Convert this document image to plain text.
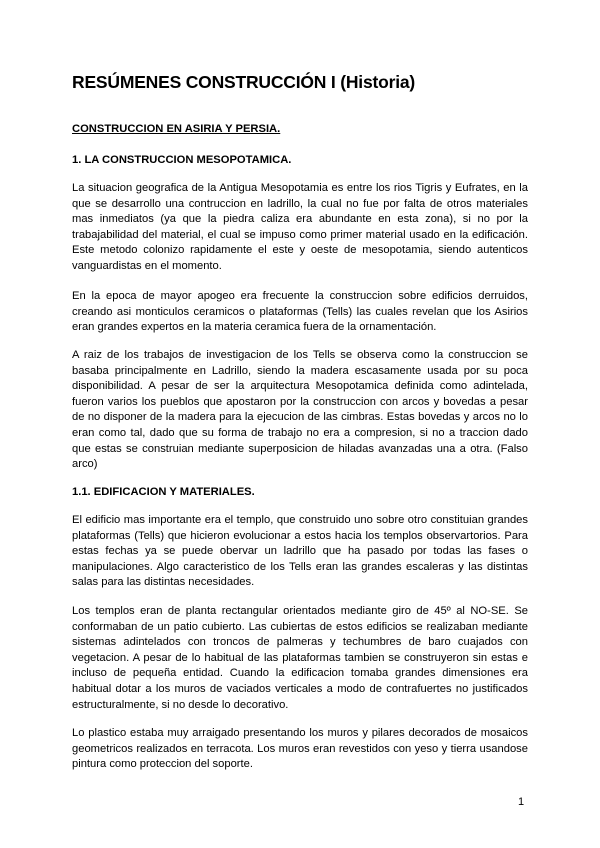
RESÚMENES CONSTRUCCIÓN I (Historia)

CONSTRUCCION EN ASIRIA Y PERSIA.

1. LA CONSTRUCCION MESOPOTAMICA.

La situacion geografica de la Antigua Mesopotamia es entre los rios Tigris y Eufrates, en la que se desarrollo una contruccion en ladrillo, la cual no fue por falta de otros materiales mas inmediatos (ya que la piedra caliza era abundante en esta zona), si no por la trabajabilidad del material, el cual se impuso como primer material usado en la edificación. Este metodo colonizo rapidamente el este y oeste de mesopotamia, siendo autenticos vanguardistas en el momento.

En la epoca de mayor apogeo era frecuente la construccion sobre edificios derruidos, creando asi monticulos ceramicos o plataformas (Tells) las cuales revelan que los Asirios eran grandes expertos en la materia ceramica fuera de la ornamentación.

A raiz de los trabajos de investigacion de los Tells se observa como la construccion se basaba principalmente en Ladrillo, siendo la madera escasamente usada por su poca disponibilidad. A pesar de ser la arquitectura Mesopotamica definida como adintelada, fueron varios los pueblos que apostaron por la construccion con arcos y bovedas a pesar de no disponer de la madera para la ejecucion de las cimbras. Estas bovedas y arcos no lo eran como tal, dado que su forma de trabajo no era a compresion, si no a traccion dado que estas se construian mediante superposicion de hiladas avanzadas una a otra. (Falso arco)

1.1. EDIFICACION Y MATERIALES.

El edificio mas importante era el templo, que construido uno sobre otro constituian grandes plataformas (Tells) que hicieron evolucionar a estos hacia los templos observartorios. Para estas fechas ya se puede obervar un ladrillo que ha pasado por todas las fases o manipulaciones. Algo caracteristico de los Tells eran las grandes escaleras y las distintas salas para las distintas necesidades.

Los templos eran de planta rectangular orientados mediante giro de 45º al NO-SE. Se conformaban de un patio cubierto. Las cubiertas de estos edificios se realizaban mediante sistemas adintelados con troncos de palmeras y techumbres de baro cuajados con vegetacion. A pesar de lo habitual de las plataformas tambien se construyeron sin estas e incluso de pequeña entidad. Cuando la edificacion tomaba grandes dimensiones era habitual dotar a los muros de vaciados verticales a modo de contrafuertes no justificados estructuralmente, si no desde lo decorativo.

Lo plastico estaba muy arraigado presentando los muros y pilares decorados de mosaicos geometricos realizados en terracota. Los muros eran revestidos con yeso y tierra usandose pintura como proteccion del soporte.

1
